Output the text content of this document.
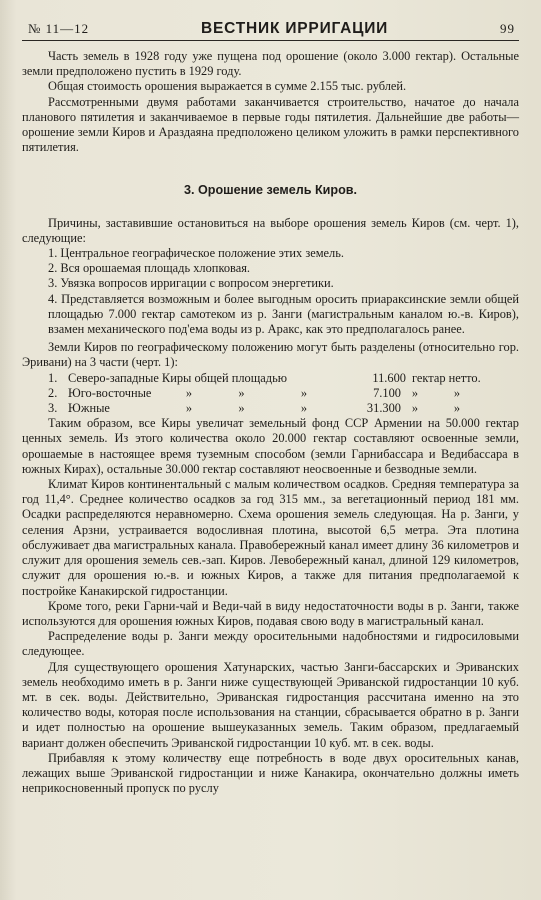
№ 11—12	ВЕСТНИК ИРРИГАЦИИ	99

Часть земель в 1928 году уже пущена под орошение (около 3.000 гектар). Остальные земли предположено пустить в 1929 году.

Общая стоимость орошения выражается в сумме 2.155 тыс. рублей.

Рассмотренными двумя работами заканчивается строительство, начатое до начала планового пятилетия и заканчиваемое в первые годы пятилетия. Дальнейшие две работы—орошение земли Киров и Араздаяна предположено целиком уложить в рамки перспективного пятилетия.

3. Орошение земель Киров.

Причины, заставившие остановиться на выборе орошения земель Киров (см. черт. 1), следующие:

1. Центральное географическое положение этих земель.
2. Вся орошаемая площадь хлопковая.
3. Увязка вопросов ирригации с вопросом энергетики.

4. Представляется возможным и более выгодным оросить приараксинские земли общей площадью 7.000 гектар самотеком из р. Занги (магистральным каналом ю.-в. Киров), взамен механического под'ема воды из р. Аракс, как это предполагалось ранее.

Земли Киров по географическому положению могут быть разделены (относительно гор. Эривани) на 3 части (черт. 1):

1. Северо-западные Киры общей площадью	11.600 гектар нетто.
2. Юго-восточные	»	»	»	7.100 »	»
3. Южные	»	»	»	31.300 »	»

Таким образом, все Киры увеличат земельный фонд ССР Армении на 50.000 гектар ценных земель. Из этого количества около 20.000 гектар составляют освоенные земли, орошаемые в настоящее время туземным способом (земли Гарнибассара и Ведибассара в южных Кирах), остальные 30.000 гектар составляют неосвоенные и безводные земли.

Климат Киров континентальный с малым количеством осадков. Средняя температура за год 11,4°. Среднее количество осадков за год 315 мм., за вегетационный период 181 мм. Осадки распределяются неравномерно. Схема орошения земель следующая. На р. Занги, у селения Арзни, устраивается водосливная плотина, высотой 6,5 метра. Эта плотина обслуживает два магистральных канала. Правобережный канал имеет длину 36 километров и служит для орошения земель сев.-зап. Киров. Левобережный канал, длиной 129 километров, служит для орошения ю.-в. и южных Киров, а также для питания предполагаемой к постройке Канакирской гидростанции.

Кроме того, реки Гарни-чай и Веди-чай в виду недостаточности воды в р. Занги, также используются для орошения южных Киров, подавая свою воду в магистральный канал.

Распределение воды р. Занги между оросительными надобностями и гидросиловыми следующее.

Для существующего орошения Хатунарских, частью Занги-бассарских и Эриванских земель необходимо иметь в р. Занги ниже существующей Эриванской гидростанции 10 куб. мт. в сек. воды. Действительно, Эриванская гидростанция рассчитана именно на это количество воды, которая после использования на станции, сбрасывается обратно в р. Занги и идет полностью на орошение вышеуказанных земель. Таким образом, предлагаемый вариант должен обеспечить Эриванской гидростанции 10 куб. мт. в сек. воды.

Прибавляя к этому количеству еще потребность в воде двух оросительных канав, лежащих выше Эриванской гидростанции и ниже Канакира, окончательно должны иметь неприкосновенный пропуск по руслу
